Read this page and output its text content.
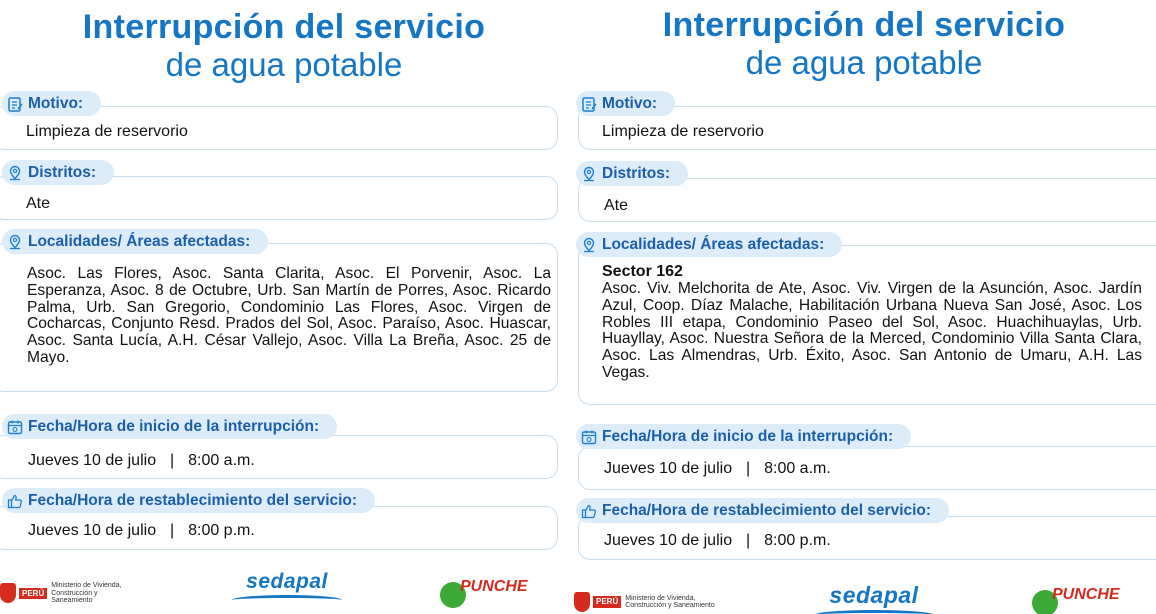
Interrupción del servicio
de agua potable
Motivo:
Limpieza de reservorio
Distritos:
Ate
Localidades/ Áreas afectadas:
Asoc. Las Flores, Asoc. Santa Clarita, Asoc. El Porvenir, Asoc. La Esperanza, Asoc. 8 de Octubre, Urb. San Martín de Porres, Asoc. Ricardo Palma, Urb. San Gregorio, Condominio Las Flores, Asoc. Virgen de Cocharcas, Conjunto Resd. Prados del Sol, Asoc. Paraíso, Asoc. Huascar, Asoc. Santa Lucía, A.H. César Vallejo, Asoc. Villa La Breña, Asoc. 25 de Mayo.
Fecha/Hora de inicio de la interrupción:
Jueves 10 de julio | 8:00 a.m.
Fecha/Hora de restablecimiento del servicio:
Jueves 10 de julio | 8:00 p.m.
PERÚ
Ministerio de Vivienda, Construcción y Saneamiento
sedapal	PUNCHE
Interrupción del servicio
de agua potable
Motivo:
Limpieza de reservorio
Distritos:
Ate
Localidades/ Áreas afectadas:
Sector 162
Asoc. Viv. Melchorita de Ate, Asoc. Viv. Virgen de la Asunción, Asoc. Jardín Azul, Coop. Díaz Malache, Habilitación Urbana Nueva San José, Asoc. Los Robles III etapa, Condominio Paseo del Sol, Asoc. Huachihuaylas, Urb. Huayllay, Asoc. Nuestra Señora de la Merced, Condominio Villa Santa Clara, Asoc. Las Almendras, Urb. Éxito, Asoc. San Antonio de Umaru, A.H. Las Vegas.
Fecha/Hora de inicio de la interrupción:
Jueves 10 de julio | 8:00 a.m.
Fecha/Hora de restablecimiento del servicio:
Jueves 10 de julio | 8:00 p.m.
PERÚ	Ministerio de Vivienda, Construcción y Saneamiento	sedapal	PUNCHE
